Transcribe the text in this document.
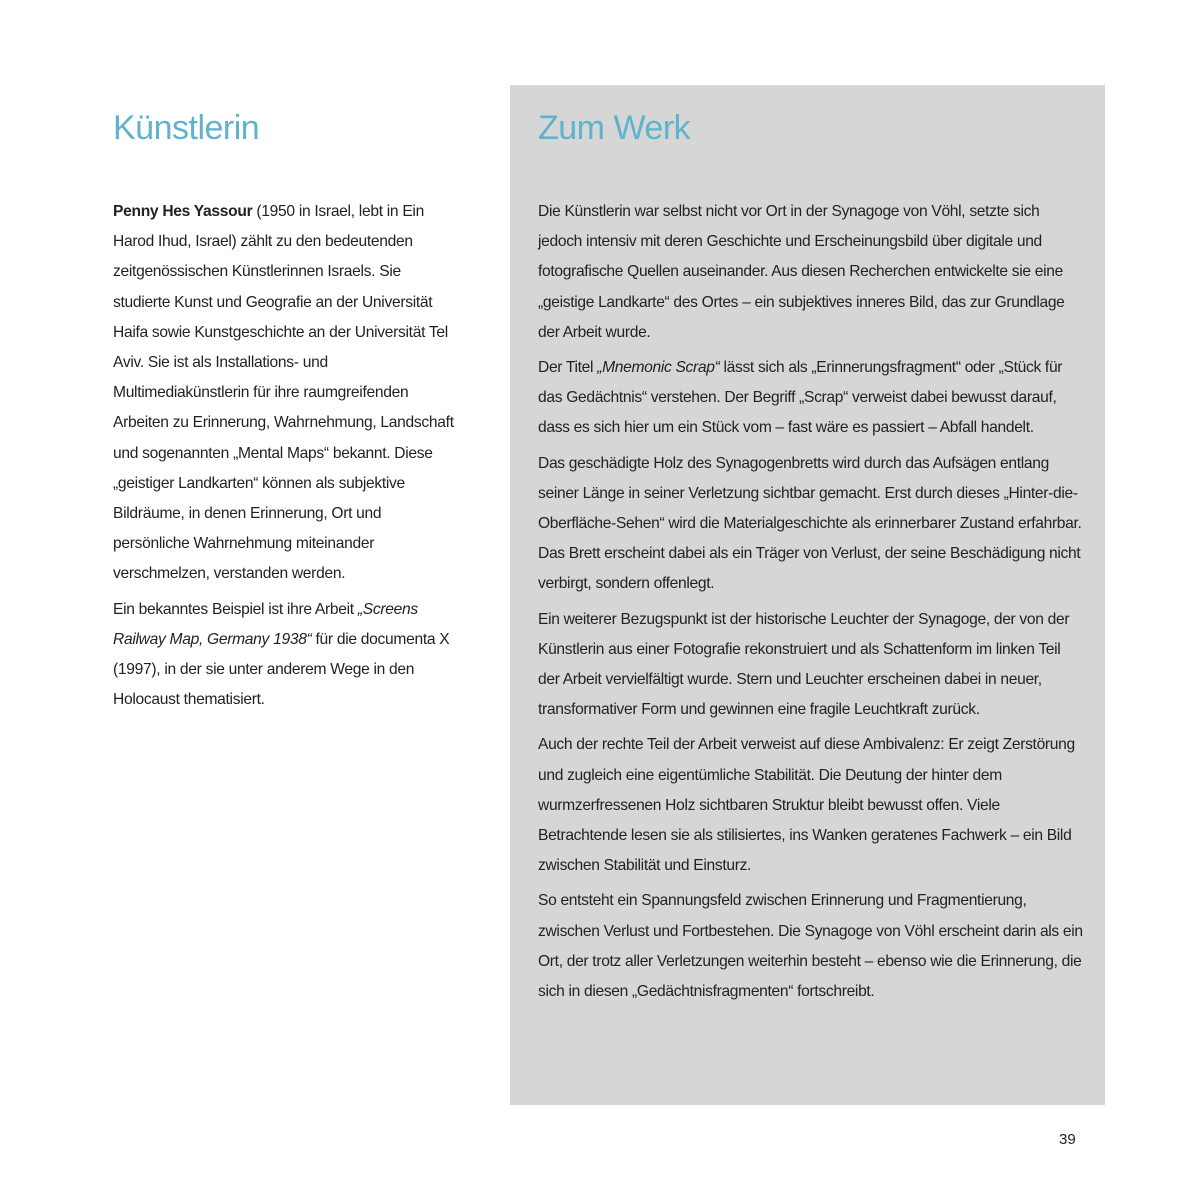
Künstlerin

Penny Hes Yassour (1950 in Israel, lebt in Ein Harod Ihud, Israel) zählt zu den bedeutenden zeitgenössischen Künstlerinnen Israels. Sie studierte Kunst und Geografie an der Universität Haifa sowie Kunstgeschichte an der Universität Tel Aviv. Sie ist als Installations- und Multimediakünstlerin für ihre raumgreifenden Arbeiten zu Erinnerung, Wahrnehmung, Landschaft und sogenannten „Mental Maps“ bekannt. Diese „geistiger Landkarten“ können als subjektive Bildräume, in denen Erinnerung, Ort und persönliche Wahrnehmung miteinander verschmelzen, verstanden werden.

Ein bekanntes Beispiel ist ihre Arbeit „Screens Railway Map, Germany 1938“ für die documenta X (1997), in der sie unter anderem Wege in den Holocaust thematisiert.

Zum Werk

Die Künstlerin war selbst nicht vor Ort in der Synagoge von Vöhl, setzte sich jedoch intensiv mit deren Geschichte und Erscheinungsbild über digitale und fotografische Quellen auseinander. Aus diesen Recherchen entwickelte sie eine „geistige Landkarte“ des Ortes – ein subjektives inneres Bild, das zur Grundlage der Arbeit wurde.

Der Titel „Mnemonic Scrap“ lässt sich als „Erinnerungsfragment“ oder „Stück für das Gedächtnis“ verstehen. Der Begriff „Scrap“ verweist dabei bewusst darauf, dass es sich hier um ein Stück vom – fast wäre es passiert – Abfall handelt.

Das geschädigte Holz des Synagogenbretts wird durch das Aufsägen entlang seiner Länge in seiner Verletzung sichtbar gemacht. Erst durch dieses „Hinter-die-Oberfläche-Sehen“ wird die Materialgeschichte als erinnerbarer Zustand erfahrbar. Das Brett erscheint dabei als ein Träger von Verlust, der seine Beschädigung nicht verbirgt, sondern offenlegt.

Ein weiterer Bezugspunkt ist der historische Leuchter der Synagoge, der von der Künstlerin aus einer Fotografie rekonstruiert und als Schattenform im linken Teil der Arbeit vervielfältigt wurde. Stern und Leuchter erscheinen dabei in neuer, transformativer Form und gewinnen eine fragile Leuchtkraft zurück.

Auch der rechte Teil der Arbeit verweist auf diese Ambivalenz: Er zeigt Zerstörung und zugleich eine eigentümliche Stabilität. Die Deutung der hinter dem wurmzerfressenen Holz sichtbaren Struktur bleibt bewusst offen. Viele Betrachtende lesen sie als stilisiertes, ins Wanken geratenes Fachwerk – ein Bild zwischen Stabilität und Einsturz.

So entsteht ein Spannungsfeld zwischen Erinnerung und Fragmentierung, zwischen Verlust und Fortbestehen. Die Synagoge von Vöhl erscheint darin als ein Ort, der trotz aller Verletzungen weiterhin besteht – ebenso wie die Erinnerung, die sich in diesen „Gedächtnisfragmenten“ fortschreibt.

39
